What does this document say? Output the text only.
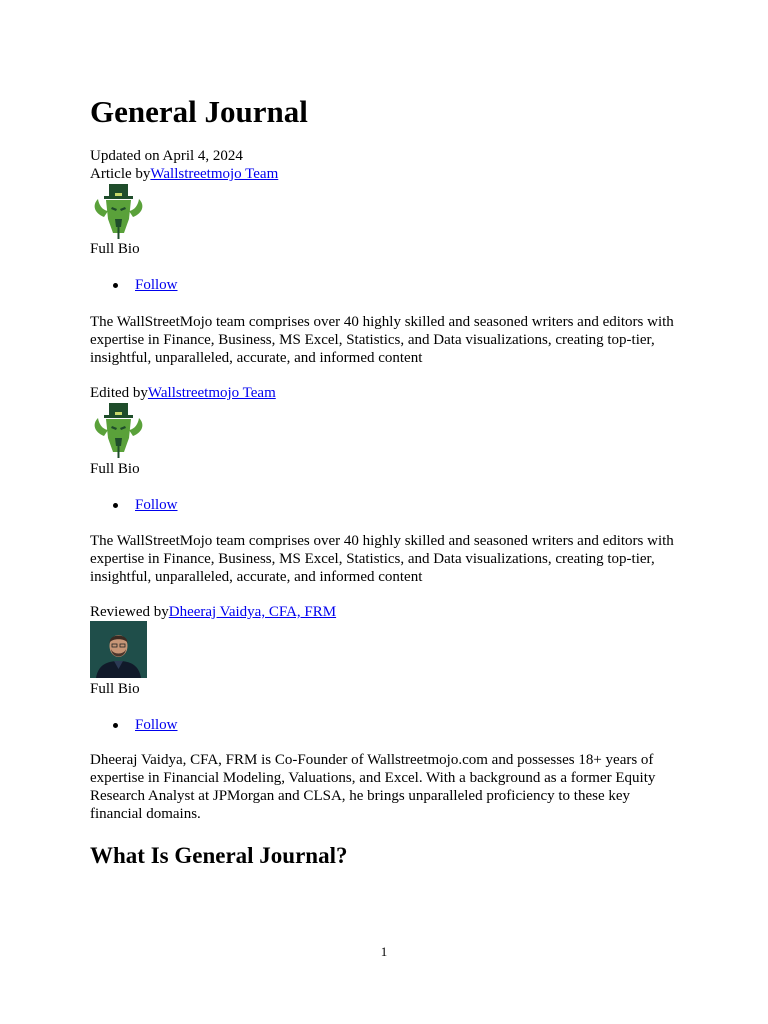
General Journal
Updated on April 4, 2024
Article byWallstreetmojo Team
Full Bio
Follow
The WallStreetMojo team comprises over 40 highly skilled and seasoned writers and editors with expertise in Finance, Business, MS Excel, Statistics, and Data visualizations, creating top-tier, insightful, unparalleled, accurate, and informed content
Edited byWallstreetmojo Team
Full Bio
Follow
The WallStreetMojo team comprises over 40 highly skilled and seasoned writers and editors with expertise in Finance, Business, MS Excel, Statistics, and Data visualizations, creating top-tier, insightful, unparalleled, accurate, and informed content
Reviewed byDheeraj Vaidya, CFA, FRM
Full Bio
Follow
Dheeraj Vaidya, CFA, FRM is Co-Founder of Wallstreetmojo.com and possesses 18+ years of expertise in Financial Modeling, Valuations, and Excel. With a background as a former Equity Research Analyst at JPMorgan and CLSA, he brings unparalleled proficiency to these key financial domains.
What Is General Journal?
1
